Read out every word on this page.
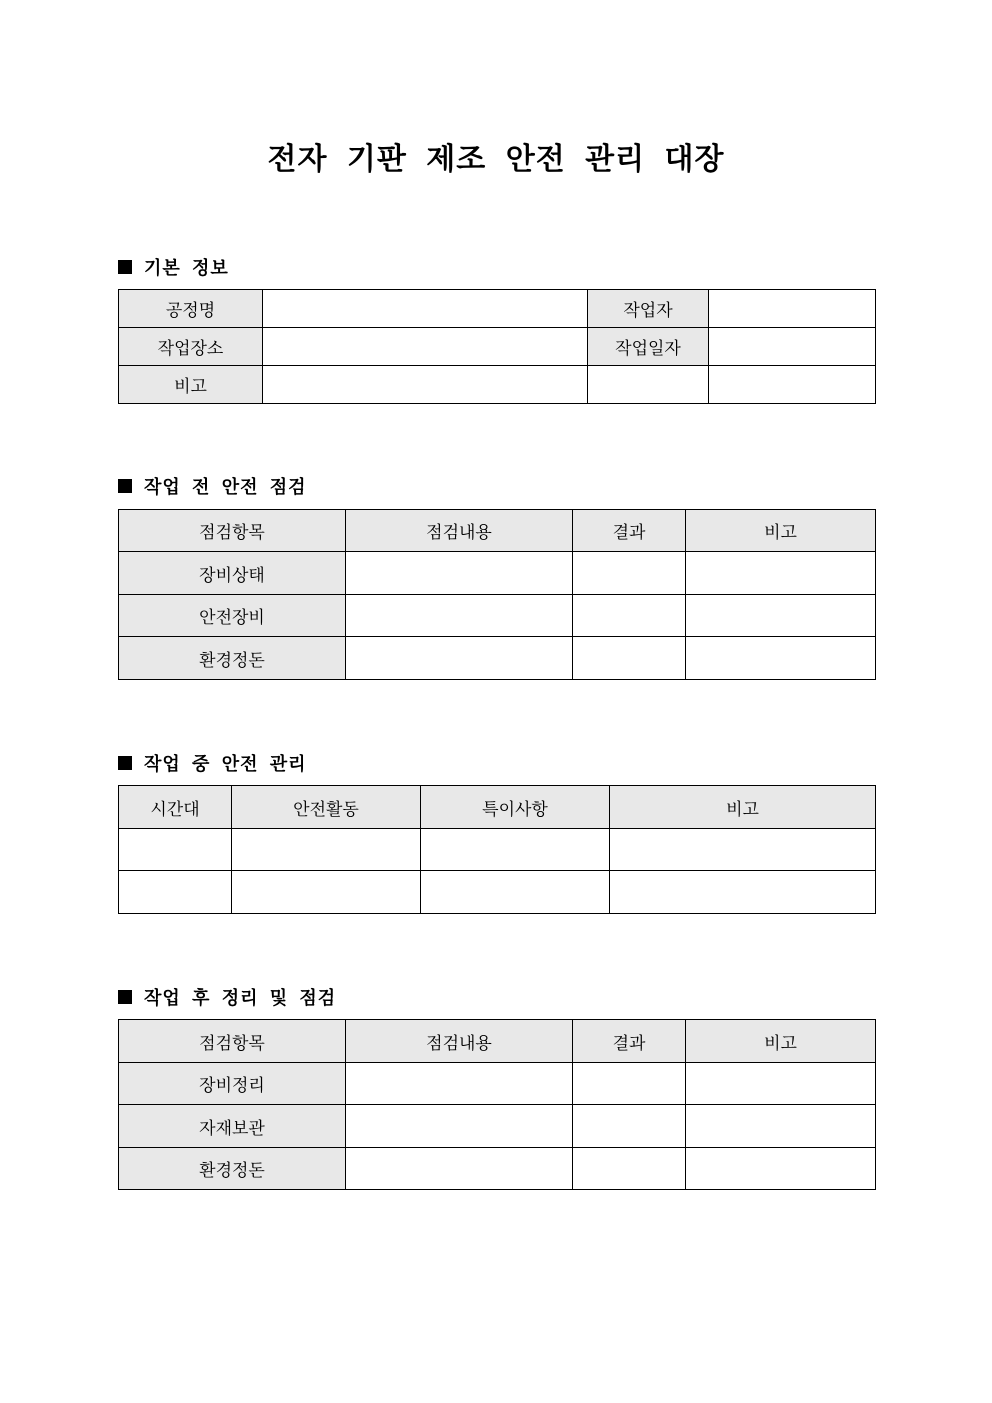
전자 기판 제조 안전 관리 대장
기본 정보
공정명		작업자	
작업장소		작업일자	
비고			
작업 전 안전 점검
점검항목	점검내용	결과	비고
장비상태			
안전장비			
환경정돈			
작업 중 안전 관리
시간대	안전활동	특이사항	비고

작업 후 정리 및 점검
점검항목	점검내용	결과	비고
장비정리			
자재보관			
환경정돈			
